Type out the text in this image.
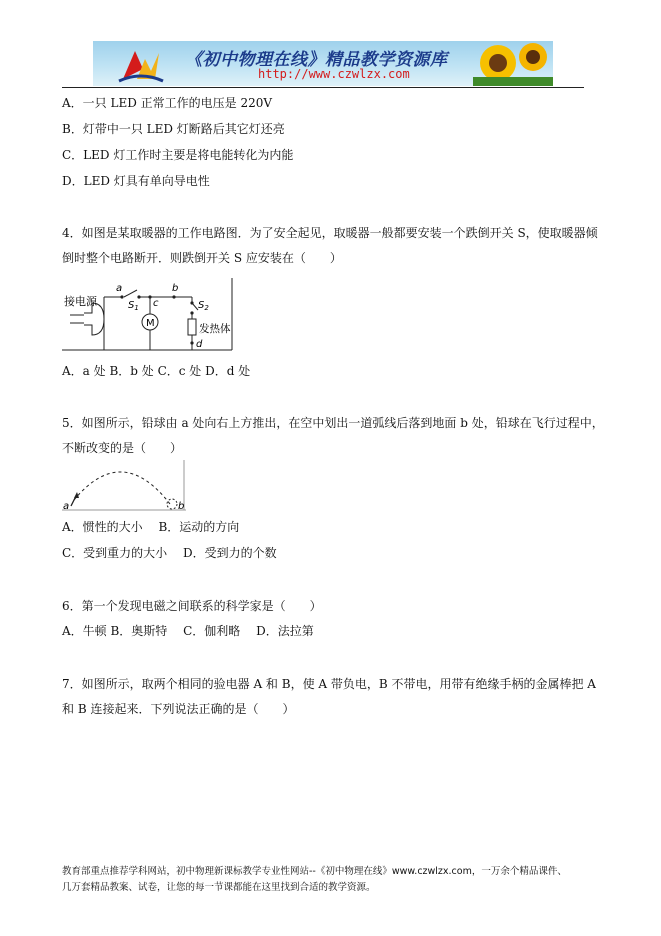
《初中物理在线》精品教学资源库
http://www.czwlzx.com
A．一只 LED 正常工作的电压是 220V
B．灯带中一只 LED 灯断路后其它灯还亮
C．LED 灯工作时主要是将电能转化为内能
D．LED 灯具有单向导电性
4．如图是某取暖器的工作电路图．为了安全起见，取暖器一般都要安装一个跌倒开关 S，使取暖器倾
倒时整个电路断开．则跌倒开关 S 应安装在（　　）
接电源
a	b
c
d
$S_1$	$S_2$
M	发热体
A．a 处 B．b 处 C．c 处 D．d 处
5．如图所示，铅球由 a 处向右上方推出，在空中划出一道弧线后落到地面 b 处，铅球在飞行过程中，
不断改变的是（　　）
a	b
A．惯性的大小　 B．运动的方向
C．受到重力的大小　 D．受到力的个数
6．第一个发现电磁之间联系的科学家是（　　）
A．牛顿 B．奥斯特　 C．伽利略　 D．法拉第
7．如图所示，取两个相同的验电器 A 和 B，使 A 带负电，B 不带电，用带有绝缘手柄的金属棒把 A
和 B 连接起来．下列说法正确的是（　　）
教育部重点推荐学科网站，初中物理新课标教学专业性网站--《初中物理在线》www.czwlzx.com，一万余个精品课件、
几万套精品教案、试卷，让您的每一节课都能在这里找到合适的教学资源。
